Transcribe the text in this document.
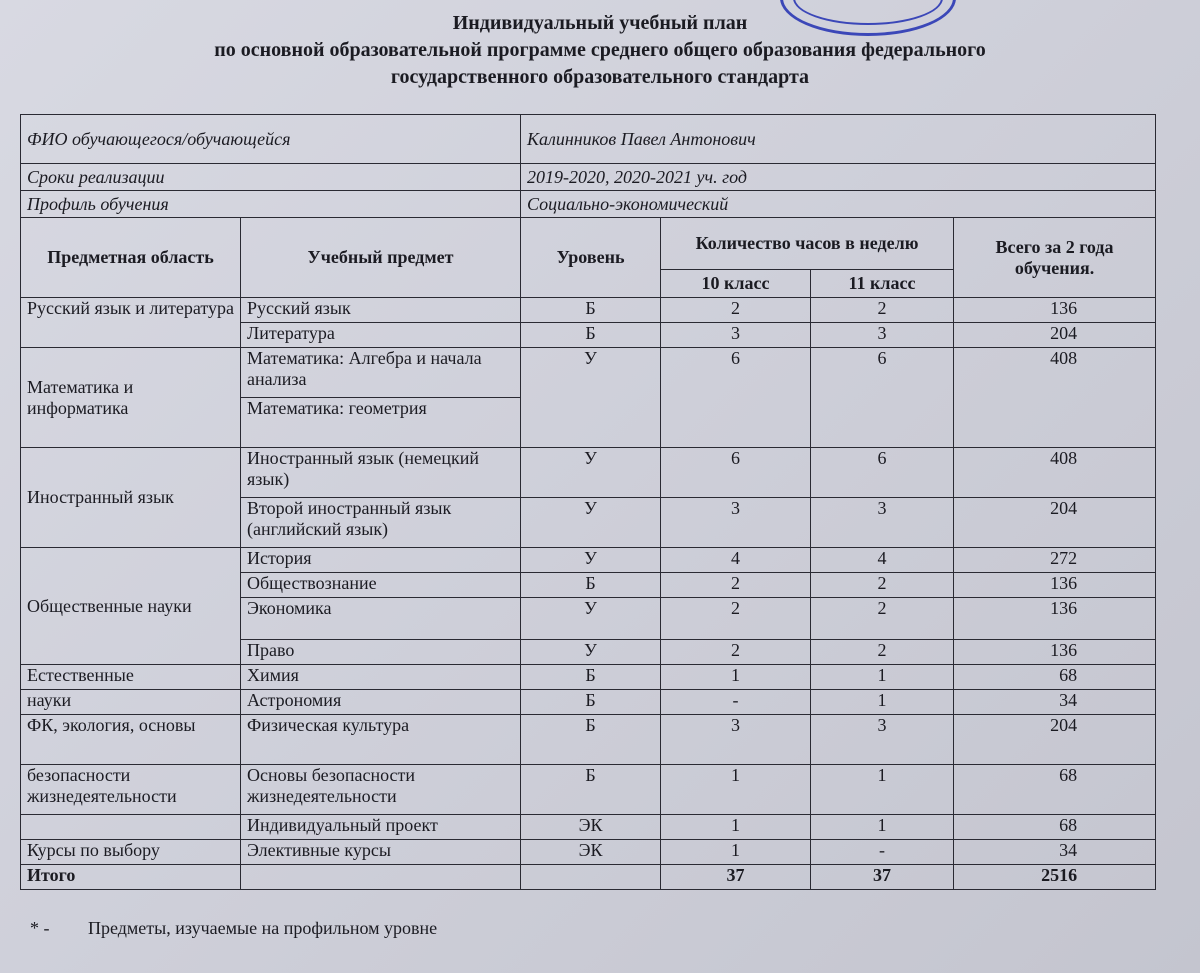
Индивидуальный учебный план
по основной образовательной программе среднего общего образования федерального
государственного образовательного стандарта
ФИО обучающегося/обучающейся		Калинников Павел Антонович			
Сроки реализации		2019-2020, 2020-2021 уч. год			
Профиль обучения		Социально-экономический			
Предметная область	Учебный предмет	Уровень	Количество часов в неделю		Всего за 2 года обучения.
			10 класс	11 класс	
Русский язык и литература	Русский язык	Б	2	2	136
	Литература	Б	3	3	204
Математика и информатика	Математика: Алгебра и начала анализа	У	6	6	408
	Математика: геометрия				
Иностранный язык	Иностранный язык (немецкий язык)	У	6	6	408
	Второй иностранный язык (английский язык)	У	3	3	204
Общественные науки	История	У	4	4	272
	Обществознание	Б	2	2	136
	Экономика	У	2	2	136
	Право	У	2	2	136
Естественные	Химия	Б	1	1	68
науки	Астрономия	Б	-	1	34
ФК, экология, основы	Физическая культура	Б	3	3	204
безопасности жизнедеятельности	Основы безопасности жизнедеятельности	Б	1	1	68
	Индивидуальный проект	ЭК	1	1	68
Курсы по выбору	Элективные курсы	ЭК	1	-	34
Итого			37	37	2516
* - Предметы, изучаемые на профильном уровне
